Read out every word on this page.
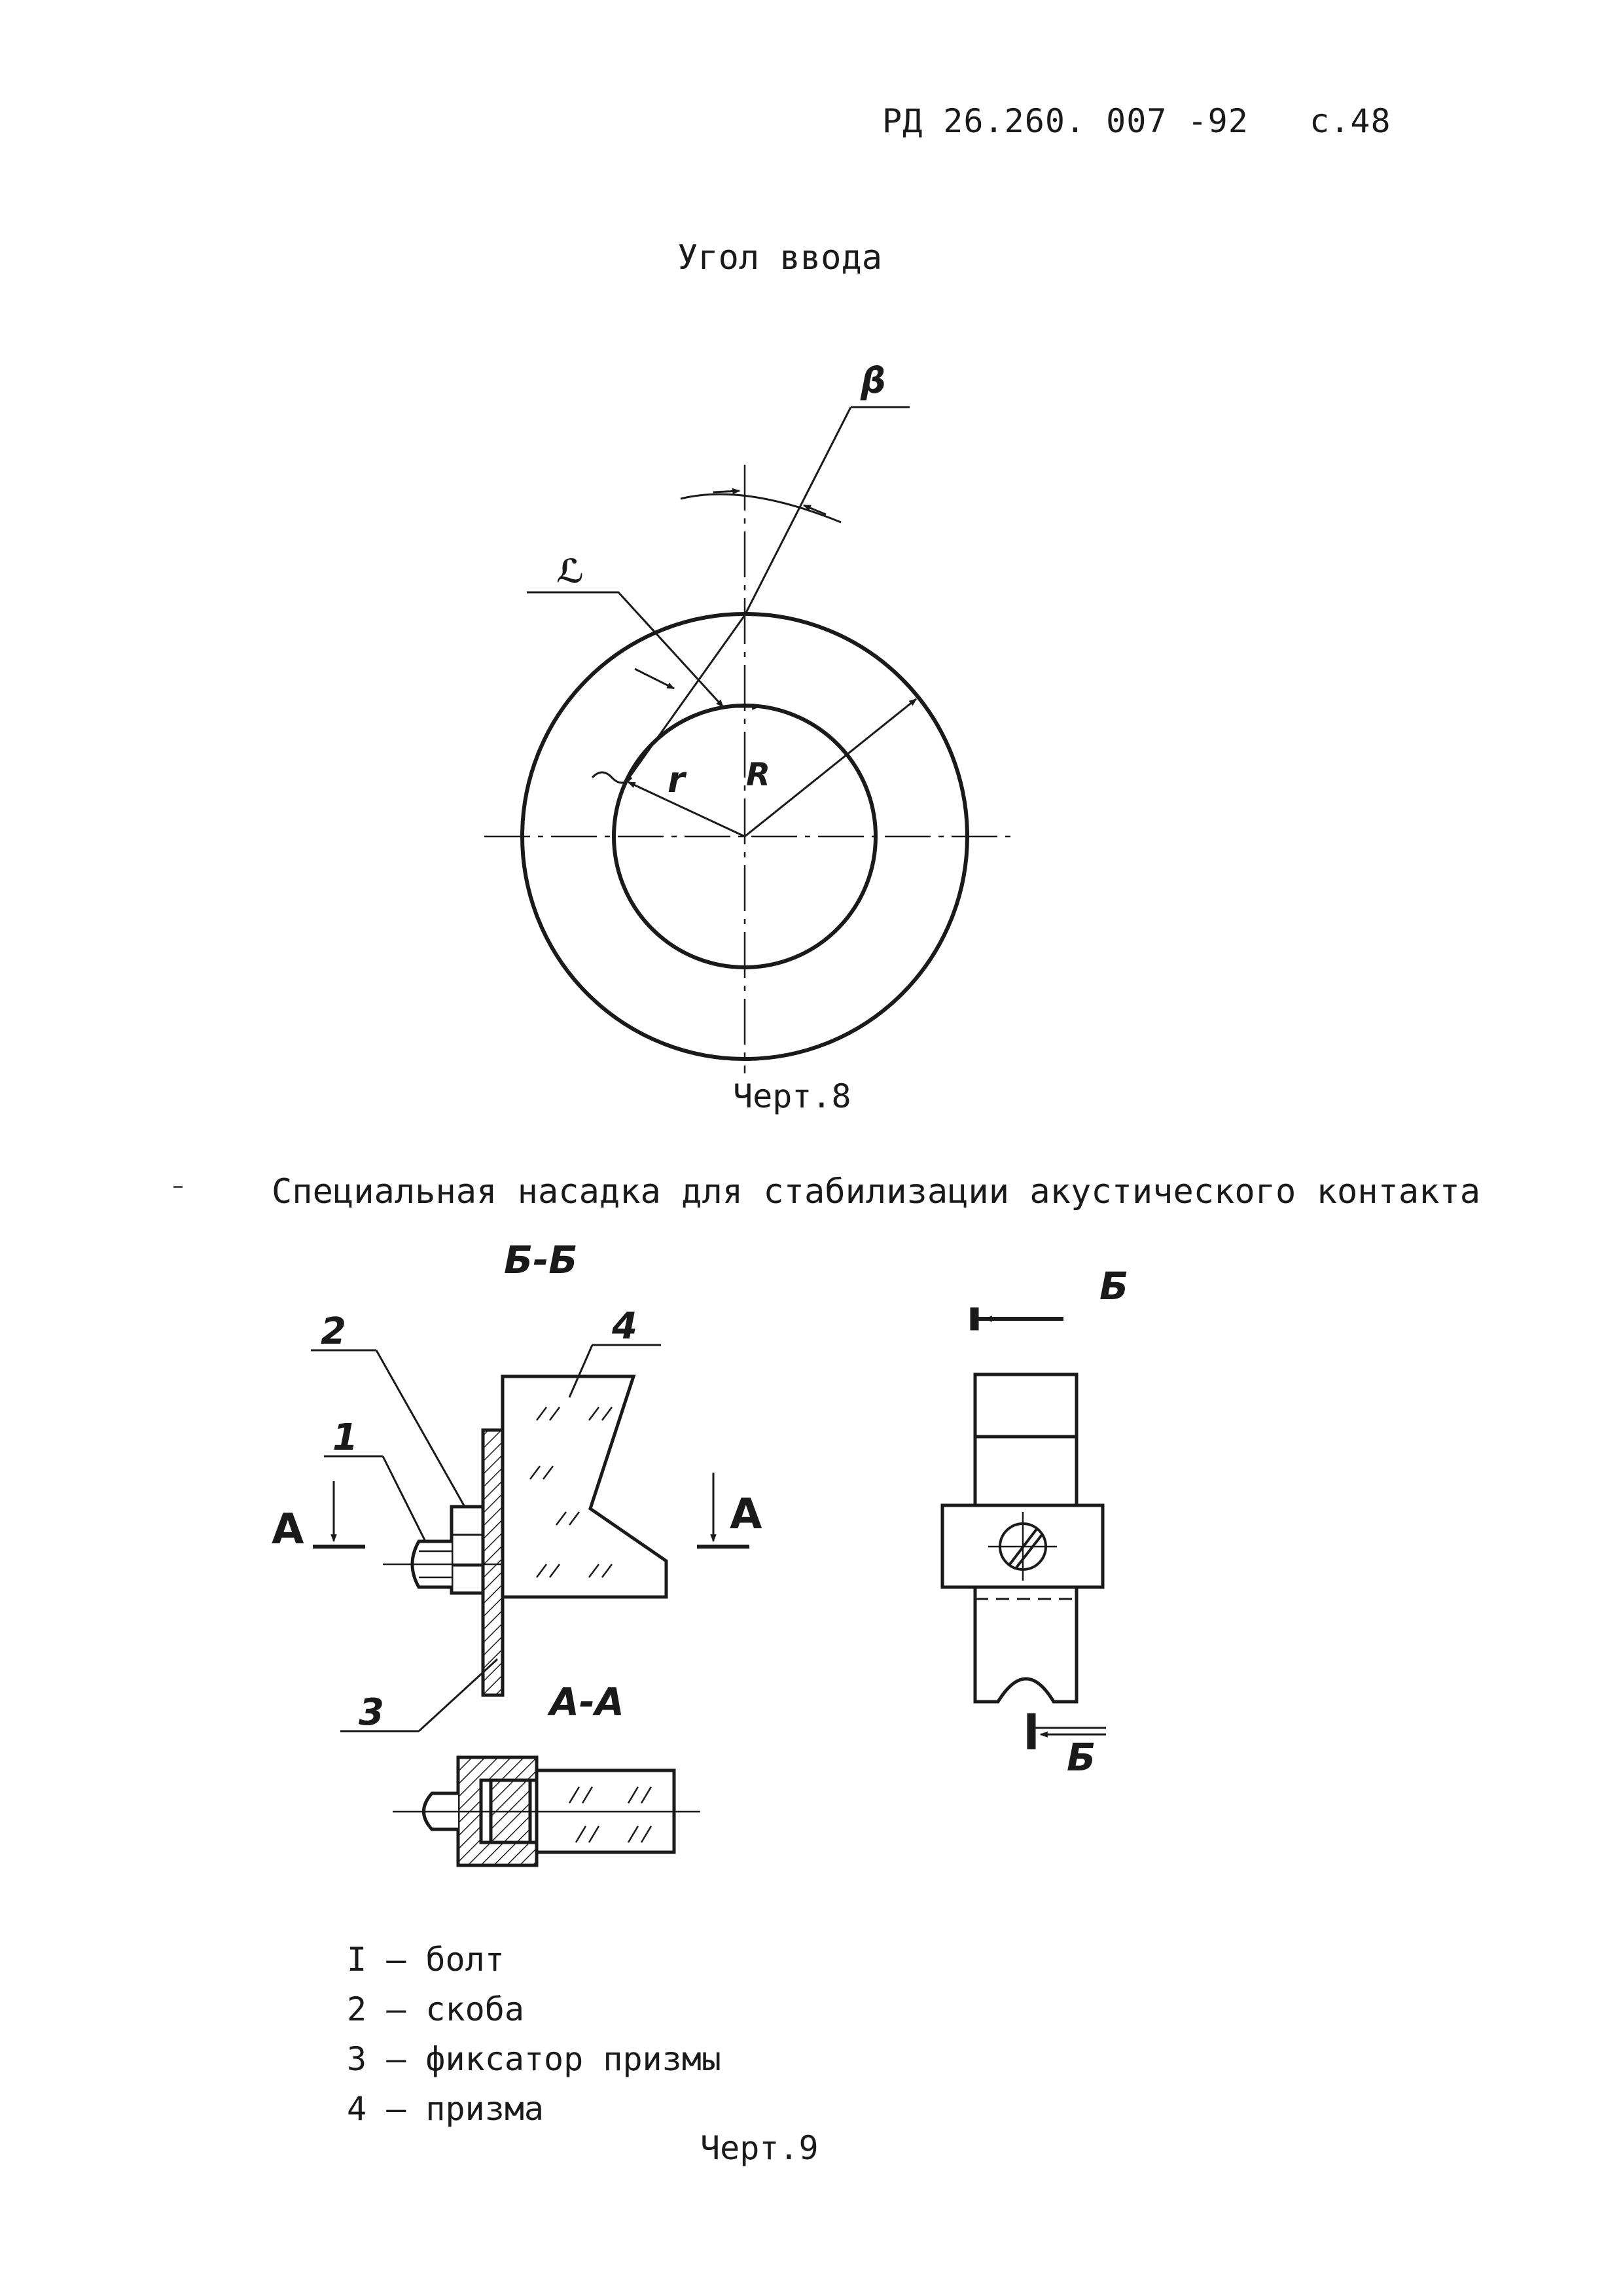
РД 26.260. 007 -92 с.48
Угол ввода
Черт.8
Специальная насадка для стабилизации акустического контакта
Черт.9
I – болт
2 – скоба
3 – фиксатор призмы
4 – призма
β
ℒ
r R
Б-Б
1
2
3
4
А	А
А-А
Б
Б
